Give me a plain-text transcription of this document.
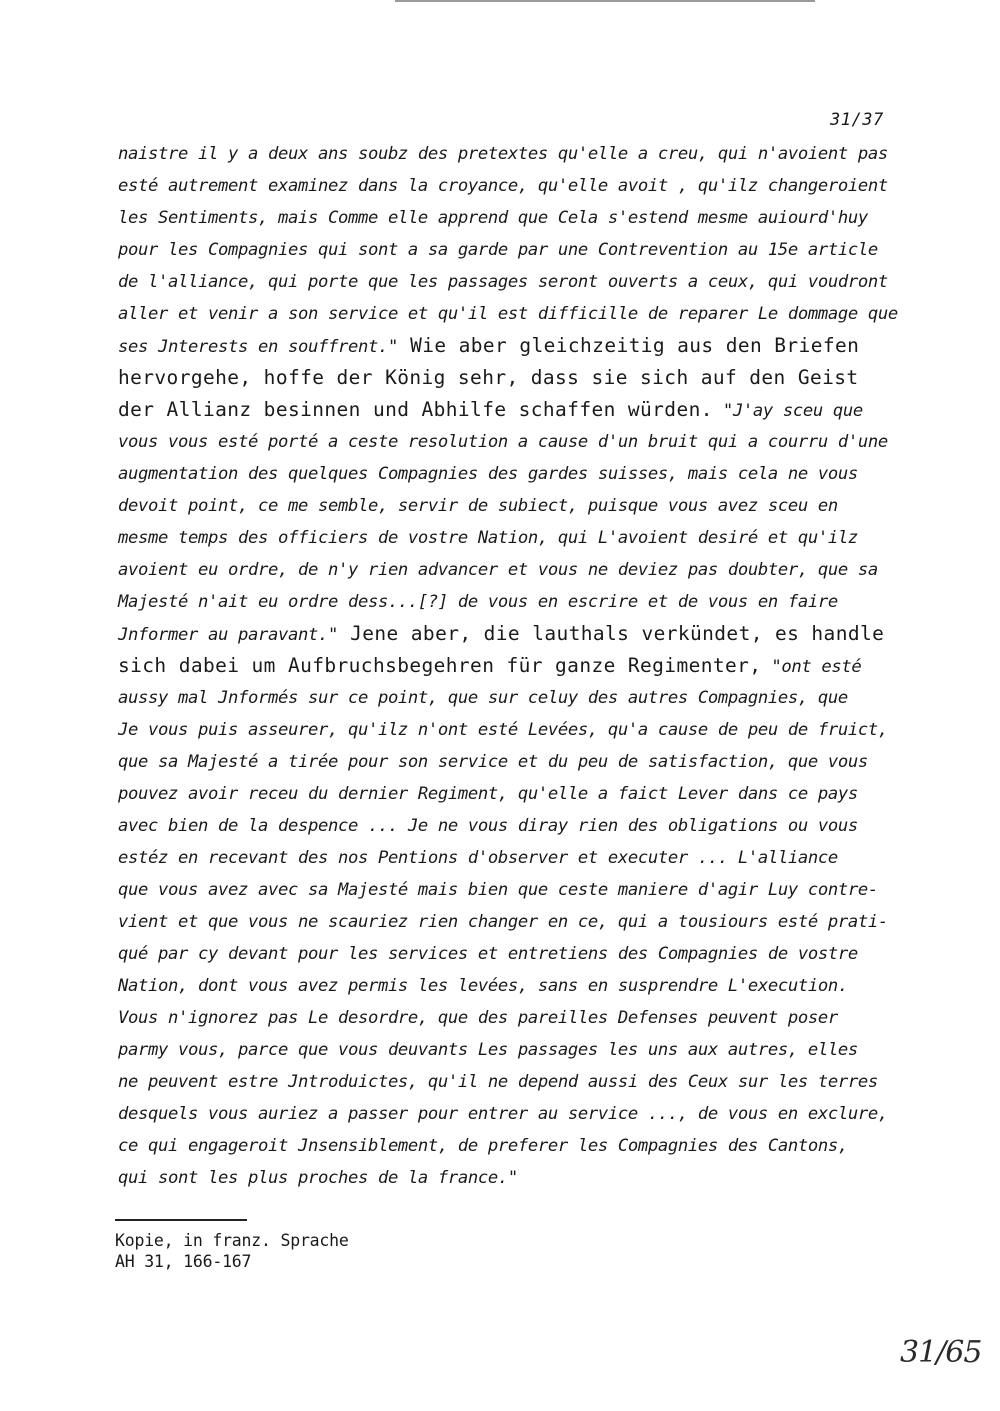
31/37
naistre il y a deux ans soubz des pretextes qu'elle a creu, qui n'avoient pas
esté autrement examinez dans la croyance, qu'elle avoit , qu'ilz changeroient
les Sentiments, mais Comme elle apprend que Cela s'estend mesme auiourd'huy
pour les Compagnies qui sont a sa garde par une Contrevention au 15e article
de l'alliance, qui porte que les passages seront ouverts a ceux, qui voudront
aller et venir a son service et qu'il est difficille de reparer Le dommage que
ses Jnterests en souffrent." Wie aber gleichzeitig aus den Briefen
hervorgehe, hoffe der König sehr, dass sie sich auf den Geist
der Allianz besinnen und Abhilfe schaffen würden. "J'ay sceu que
vous vous esté porté a ceste resolution a cause d'un bruit qui a courru d'une
augmentation des quelques Compagnies des gardes suisses, mais cela ne vous
devoit point, ce me semble, servir de subiect, puisque vous avez sceu en
mesme temps des officiers de vostre Nation, qui L'avoient desiré et qu'ilz
avoient eu ordre, de n'y rien advancer et vous ne deviez pas doubter, que sa
Majesté n'ait eu ordre dess...[?] de vous en escrire et de vous en faire
Jnformer au paravant." Jene aber, die lauthals verkündet, es handle
sich dabei um Aufbruchsbegehren für ganze Regimenter, "ont esté
aussy mal Jnformés sur ce point, que sur celuy des autres Compagnies, que
Je vous puis asseurer, qu'ilz n'ont esté Levées, qu'a cause de peu de fruict,
que sa Majesté a tirée pour son service et du peu de satisfaction, que vous
pouvez avoir receu du dernier Regiment, qu'elle a faict Lever dans ce pays
avec bien de la despence ... Je ne vous diray rien des obligations ou vous
estéz en recevant des nos Pentions d'observer et executer ... L'alliance
que vous avez avec sa Majesté mais bien que ceste maniere d'agir Luy contre-
vient et que vous ne scauriez rien changer en ce, qui a tousiours esté prati-
qué par cy devant pour les services et entretiens des Compagnies de vostre
Nation, dont vous avez permis les levées, sans en susprendre L'execution.
Vous n'ignorez pas Le desordre, que des pareilles Defenses peuvent poser
parmy vous, parce que vous deuvants Les passages les uns aux autres, elles
ne peuvent estre Jntroduictes, qu'il ne depend aussi des Ceux sur les terres
desquels vous auriez a passer pour entrer au service ..., de vous en exclure,
ce qui engageroit Jnsensiblement, de preferer les Compagnies des Cantons,
qui sont les plus proches de la france."
Kopie, in franz. Sprache
AH 31, 166-167
31/65
